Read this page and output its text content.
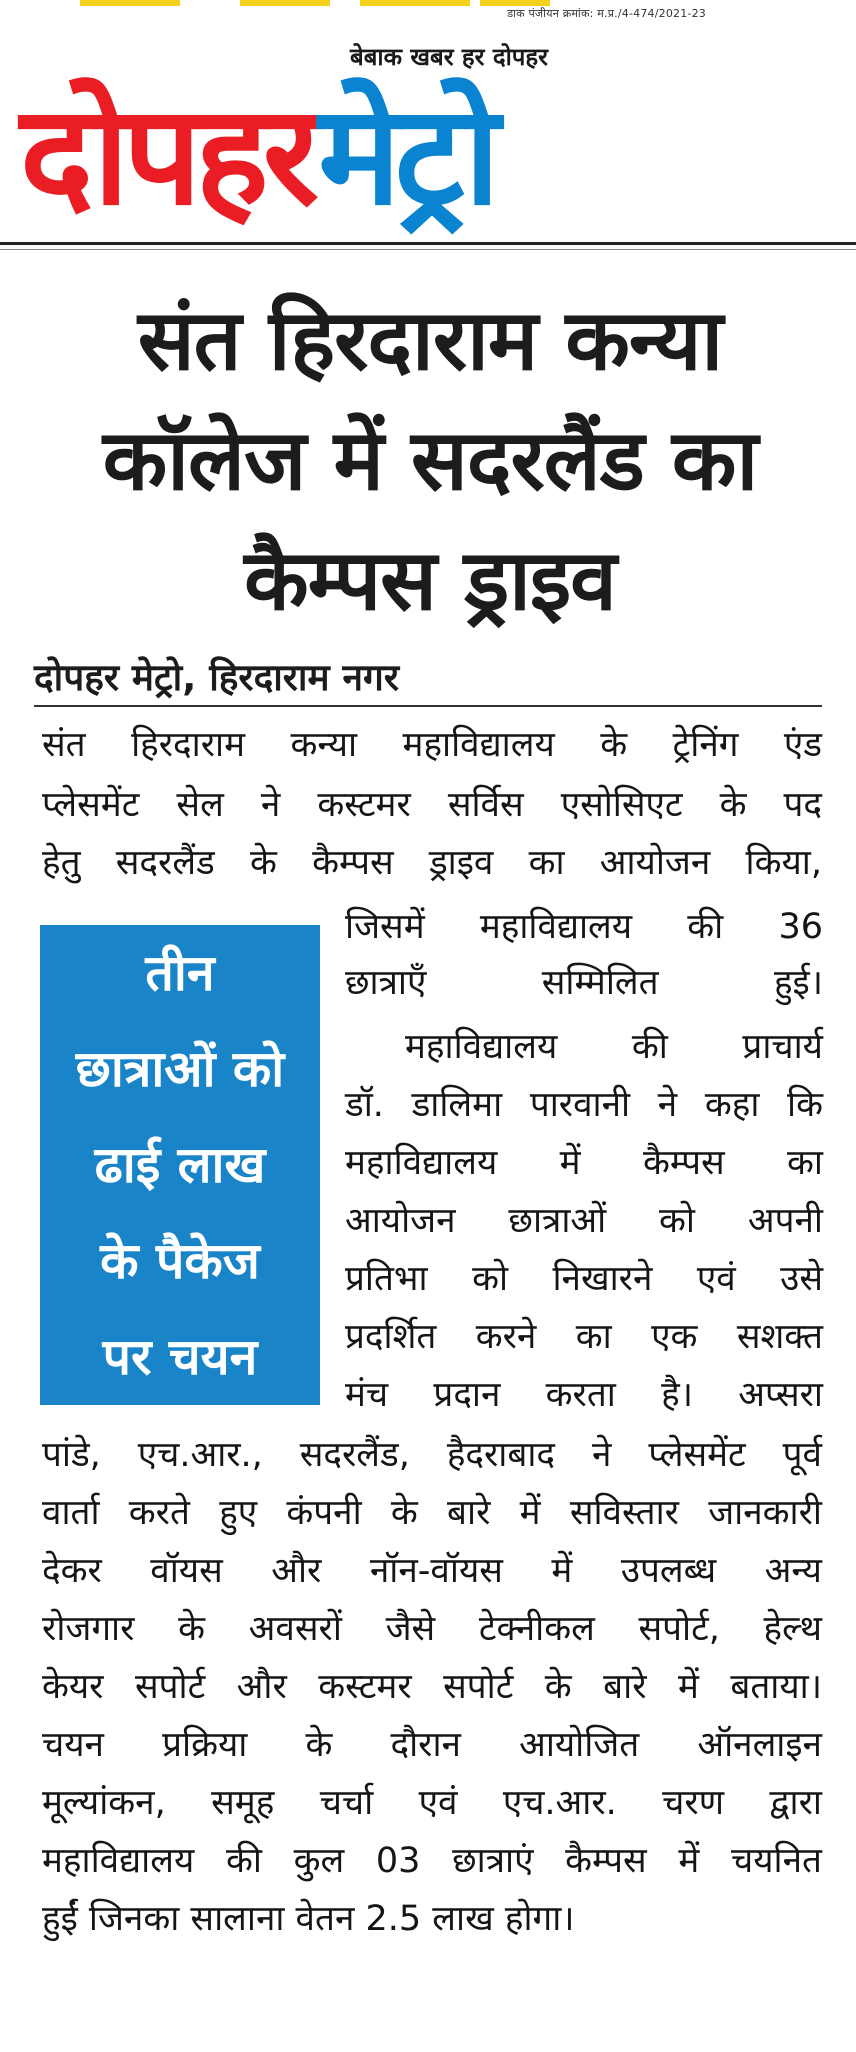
डाक पंजीयन क्रमांक: म.प्र./4-474/2021-23
बेबाक खबर हर दोपहर
दोपहर मेट्रो
संत हिरदाराम कन्या
कॉलेज में सदरलैंड का
कैम्पस ड्राइव
दोपहर मेट्रो, हिरदाराम नगर
संत हिरदाराम कन्या महाविद्यालय के ट्रेनिंग एंड
प्लेसमेंट सेल ने कस्टमर सर्विस एसोसिएट के पद
हेतु सदरलैंड के कैम्पस ड्राइव का आयोजन किया,
जिसमें महाविद्यालय की 36
छात्राएँ सम्मिलित हुई।
महाविद्यालय की प्राचार्य
डॉ. डालिमा पारवानी ने कहा कि
महाविद्यालय में कैम्पस का
आयोजन छात्राओं को अपनी
प्रतिभा को निखारने एवं उसे
प्रदर्शित करने का एक सशक्त
मंच प्रदान करता है। अप्सरा
पांडे, एच.आर., सदरलैंड, हैदराबाद ने प्लेसमेंट पूर्व
वार्ता करते हुए कंपनी के बारे में सविस्तार जानकारी
देकर वॉयस और नॉन-वॉयस में उपलब्ध अन्य
रोजगार के अवसरों जैसे टेक्नीकल सपोर्ट, हेल्थ
केयर सपोर्ट और कस्टमर सपोर्ट के बारे में बताया।
चयन प्रक्रिया के दौरान आयोजित ऑनलाइन
मूल्यांकन, समूह चर्चा एवं एच.आर. चरण द्वारा
महाविद्यालय की कुल 03 छात्राएं कैम्पस में चयनित
हुईं जिनका सालाना वेतन 2.5 लाख होगा।
तीन
छात्राओं को
ढाई लाख
के पैकेज
पर चयन
